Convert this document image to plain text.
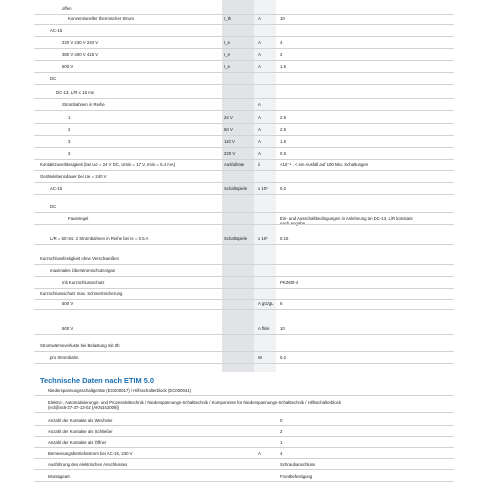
offen
Konventioneller thermischer Strom	I_th	A	10
AC-15
220 V 230 V 240 V	I_e	A	4
380 V 400 V 415 V	I_e	A	2
500 V	I_e	A	1.5
DC
DC-13, L/R ≤ 15 ms
Strombahnen in Reihe	A
1	24 V	A	2.5
2	60 V	A	2.5
3	110 V	A	1.5
3	220 V	A	0.5
Kontaktzuverlässigkeit (bei Ue = 24 V DC, Umin = 17 V, Imin = 5.4 mA)	Ausfallrate	λ	<10⁻⁸ , < ein Ausfall auf 100 Mio. Schaltungen
Gerätelebensdauer bei Ue = 240 V
AC-15	Schaltspiele	x 10⁶	0.2
DC
Faustregel	Ein- und Ausschaltbedingungen in Anlehnung an DC-13, L/R konstant nach Angabe
L/R = 50 ms: 2 Strombahnen in Reihe bei Ie = 0.5 A	Schaltspiele	x 10⁶	0.15
Kurzschlussfestigkeit ohne Verschweißen
maximales Überstromschutzorgan
mit Kurzschlussschutz	PKZM0-4
Kurzschlussschutz max. Schmelzsicherung
500 V	A gG/gL 6
500 V	A flink 10
Stromwärmeverluste bei Belastung mit Ith
pro Strombahn	W	0.2
Technische Daten nach ETIM 5.0
Niederspannungsschaltgeräte (EG000017) / Hilfsschalterblock (EC000041)
Elektro-, Automatisierungs- und Prozessleittechnik / Niederspannungs-Schalttechnik / Komponente für Niederspannungs-Schalttechnik / Hilfsschalterblock
(ecl@ss8-27-37-13-02 [AKN342009])
Anzahl der Kontakte als Wechsler	0
Anzahl der Kontakte als Schließer	2
Anzahl der Kontakte als Öffner	1
Bemessungsbetriebsstrom bei AC-15, 230 V	A	4
Ausführung des elektrischen Anschlusses	Schraubanschluss
Montageart	Frontbefestigung
